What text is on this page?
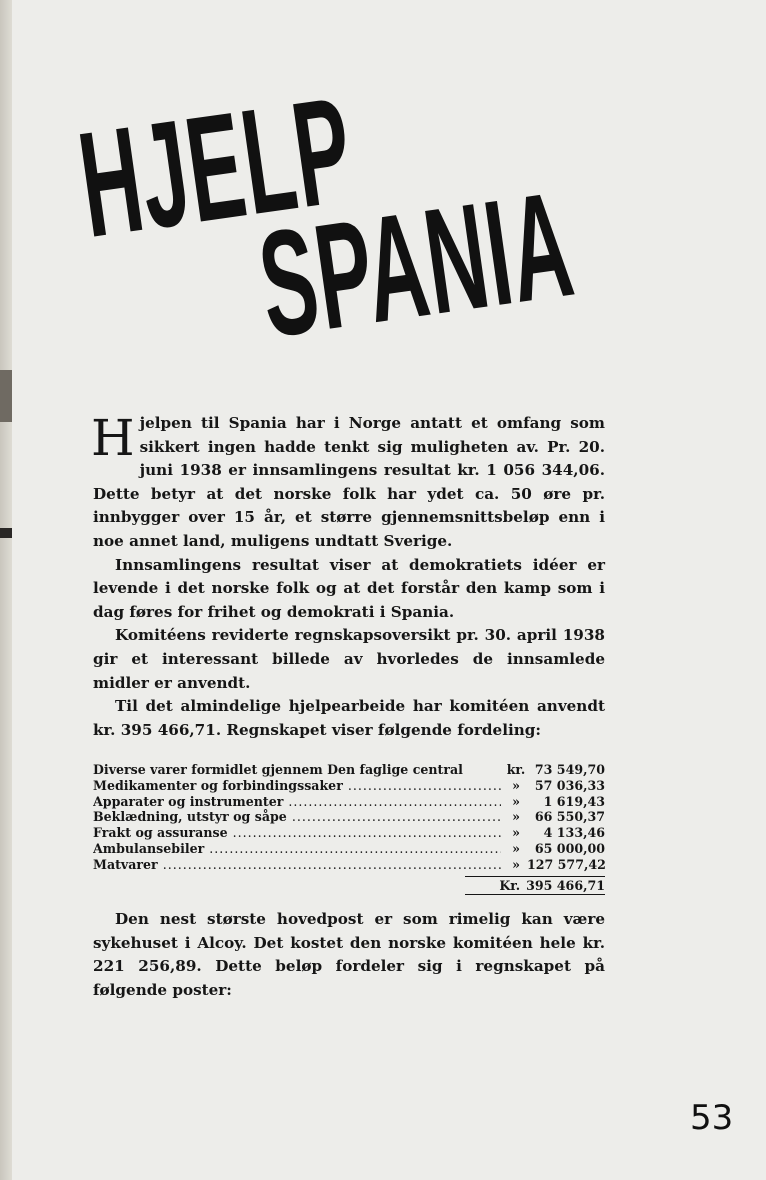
HJELP
SPANIA

Hjelpen til Spania har i Norge antatt et omfang som sikkert ingen hadde tenkt sig muligheten av. Pr. 20. juni 1938 er innsamlingens resultat kr. 1 056 344,06. Dette betyr at det norske folk har ydet ca. 50 øre pr. innbygger over 15 år, et større gjennemsnittsbeløp enn i noe annet land, muligens undtatt Sverige.

Innsamlingens resultat viser at demokratiets idéer er levende i det norske folk og at det forstår den kamp som i dag føres for frihet og demokrati i Spania.

Komitéens reviderte regnskapsoversikt pr. 30. april 1938 gir et interessant billede av hvorledes de innsamlede midler er anvendt.

Til det almindelige hjelpearbeide har komitéen anvendt kr. 395 466,71. Regnskapet viser følgende fordeling:

Diverse varer formidlet gjennem Den faglige central	kr. 73 549,70
Medikamenter og forbindingssaker .....	»	57 036,33
Apparater og instrumenter .....	»	1 619,43
Beklædning, utstyr og såpe .....	»	66 550,37
Frakt og assuranse .....	»	4 133,46
Ambulansebiler .....	»	65 000,00
Matvarer .....	» 127 577,42
Kr. 395 466,71

Den nest største hovedpost er som rimelig kan være sykehuset i Alcoy. Det kostet den norske komitéen hele kr. 221 256,89. Dette beløp fordeler sig i regnskapet på følgende poster:

53
